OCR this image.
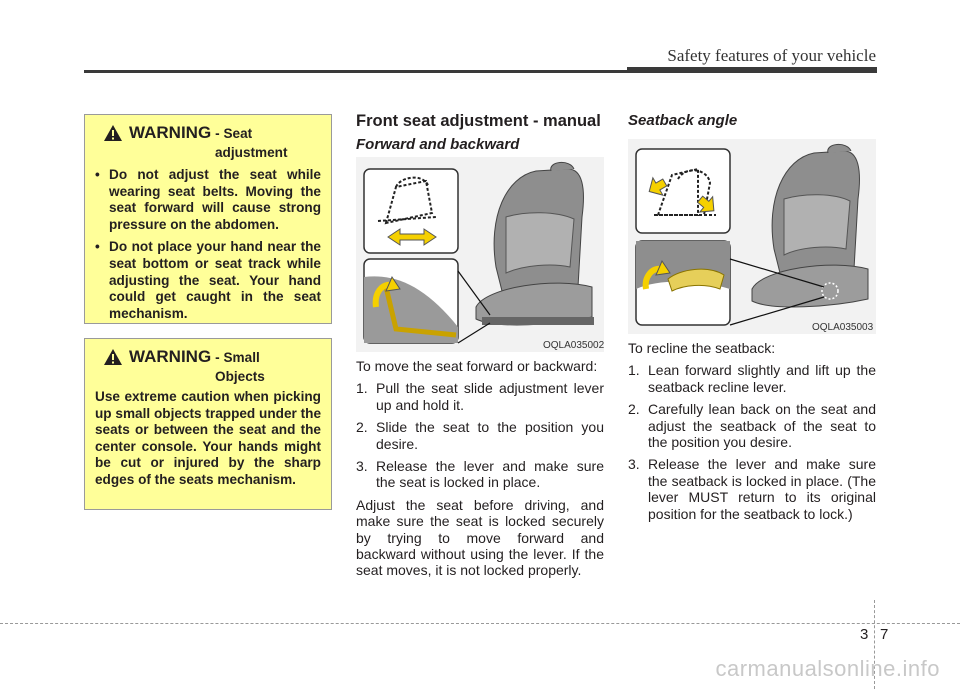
Safety features of your vehicle
WARNING - Seat
adjustment
• Do not adjust the seat while wearing seat belts. Moving the seat forward will cause strong pressure on the abdomen.
• Do not place your hand near the seat bottom or seat track while adjusting the seat. Your hand could get caught in the seat mechanism.
WARNING - Small
Objects
Use extreme caution when picking up small objects trapped under the seats or between the seat and the center console. Your hands might be cut or injured by the sharp edges of the seats mechanism.
Front seat adjustment - manual
Forward and backward
OQLA035002
To move the seat forward or backward:
1. Pull the seat slide adjustment lever up and hold it.
2. Slide the seat to the position you desire.
3. Release the lever and make sure the seat is locked in place.
Adjust the seat before driving, and make sure the seat is locked securely by trying to move forward and backward without using the lever. If the seat moves, it is not locked properly.
Seatback angle
OQLA035003
To recline the seatback:
1. Lean forward slightly and lift up the seatback recline lever.
2. Carefully lean back on the seat and adjust the seatback of the seat to the position you desire.
3. Release the lever and make sure the seatback is locked in place. (The lever MUST return to its original position for the seatback to lock.)
3 7
carmanualsonline.info
